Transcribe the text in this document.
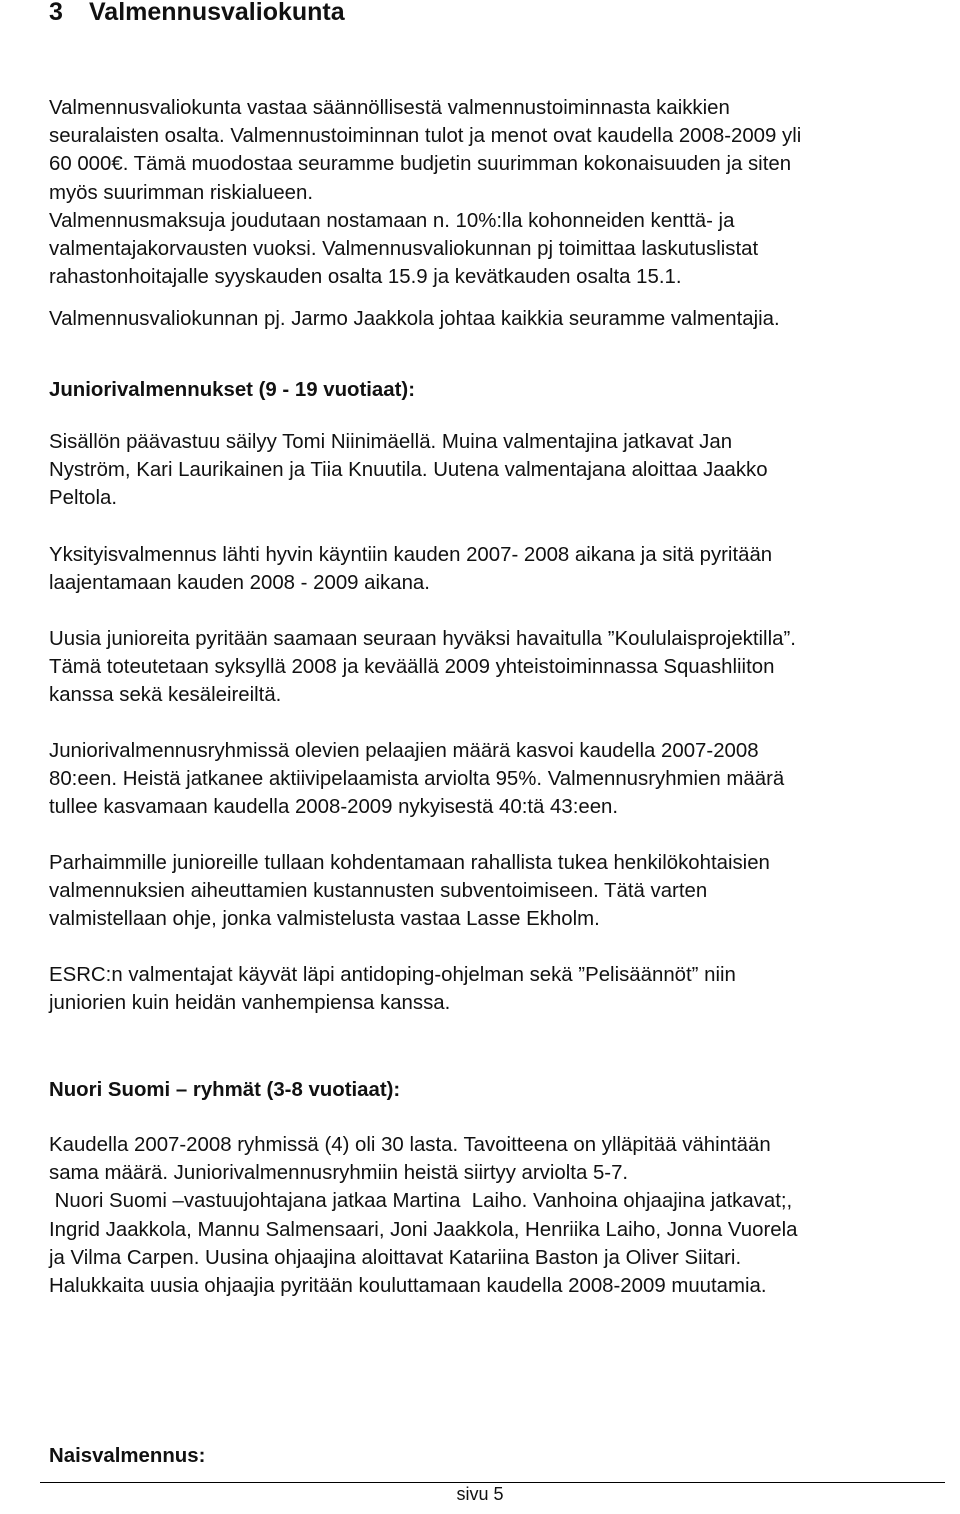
3 Valmennusvaliokunta
Valmennusvaliokunta vastaa säännöllisestä valmennustoiminnasta kaikkien
seuralaisten osalta. Valmennustoiminnan tulot ja menot ovat kaudella 2008-2009 yli
60 000€. Tämä muodostaa seuramme budjetin suurimman kokonaisuuden ja siten
myös suurimman riskialueen.
Valmennusmaksuja joudutaan nostamaan n. 10%:lla kohonneiden kenttä- ja
valmentajakorvausten vuoksi. Valmennusvaliokunnan pj toimittaa laskutuslistat
rahastonhoitajalle syyskauden osalta 15.9 ja kevätkauden osalta 15.1.
Valmennusvaliokunnan pj. Jarmo Jaakkola johtaa kaikkia seuramme valmentajia.
Juniorivalmennukset (9 - 19 vuotiaat):
Sisällön päävastuu säilyy Tomi Niinimäellä. Muina valmentajina jatkavat Jan
Nyström, Kari Laurikainen ja Tiia Knuutila. Uutena valmentajana aloittaa Jaakko
Peltola.
Yksityisvalmennus lähti hyvin käyntiin kauden 2007- 2008 aikana ja sitä pyritään
laajentamaan kauden 2008 - 2009 aikana.
Uusia junioreita pyritään saamaan seuraan hyväksi havaitulla ”Koululaisprojektilla”.
Tämä toteutetaan syksyllä 2008 ja keväällä 2009 yhteistoiminnassa Squashliiton
kanssa sekä kesäleireiltä.
Juniorivalmennusryhmissä olevien pelaajien määrä kasvoi kaudella 2007-2008
80:een. Heistä jatkanee aktiivipelaamista arviolta 95%. Valmennusryhmien määrä
tullee kasvamaan kaudella 2008-2009 nykyisestä 40:tä 43:een.
Parhaimmille junioreille tullaan kohdentamaan rahallista tukea henkilökohtaisien
valmennuksien aiheuttamien kustannusten subventoimiseen. Tätä varten
valmistellaan ohje, jonka valmistelusta vastaa Lasse Ekholm.
ESRC:n valmentajat käyvät läpi antidoping-ohjelman sekä ”Pelisäännöt” niin
juniorien kuin heidän vanhempiensa kanssa.
Nuori Suomi – ryhmät (3-8 vuotiaat):
Kaudella 2007-2008 ryhmissä (4) oli 30 lasta. Tavoitteena on ylläpitää vähintään
sama määrä. Juniorivalmennusryhmiin heistä siirtyy arviolta 5-7.
Nuori Suomi –vastuujohtajana jatkaa Martina  Laiho. Vanhoina ohjaajina jatkavat;,
Ingrid Jaakkola, Mannu Salmensaari, Joni Jaakkola, Henriika Laiho, Jonna Vuorela
ja Vilma Carpen. Uusina ohjaajina aloittavat Katariina Baston ja Oliver Siitari.
Halukkaita uusia ohjaajia pyritään kouluttamaan kaudella 2008-2009 muutamia.
Naisvalmennus:
sivu 5
